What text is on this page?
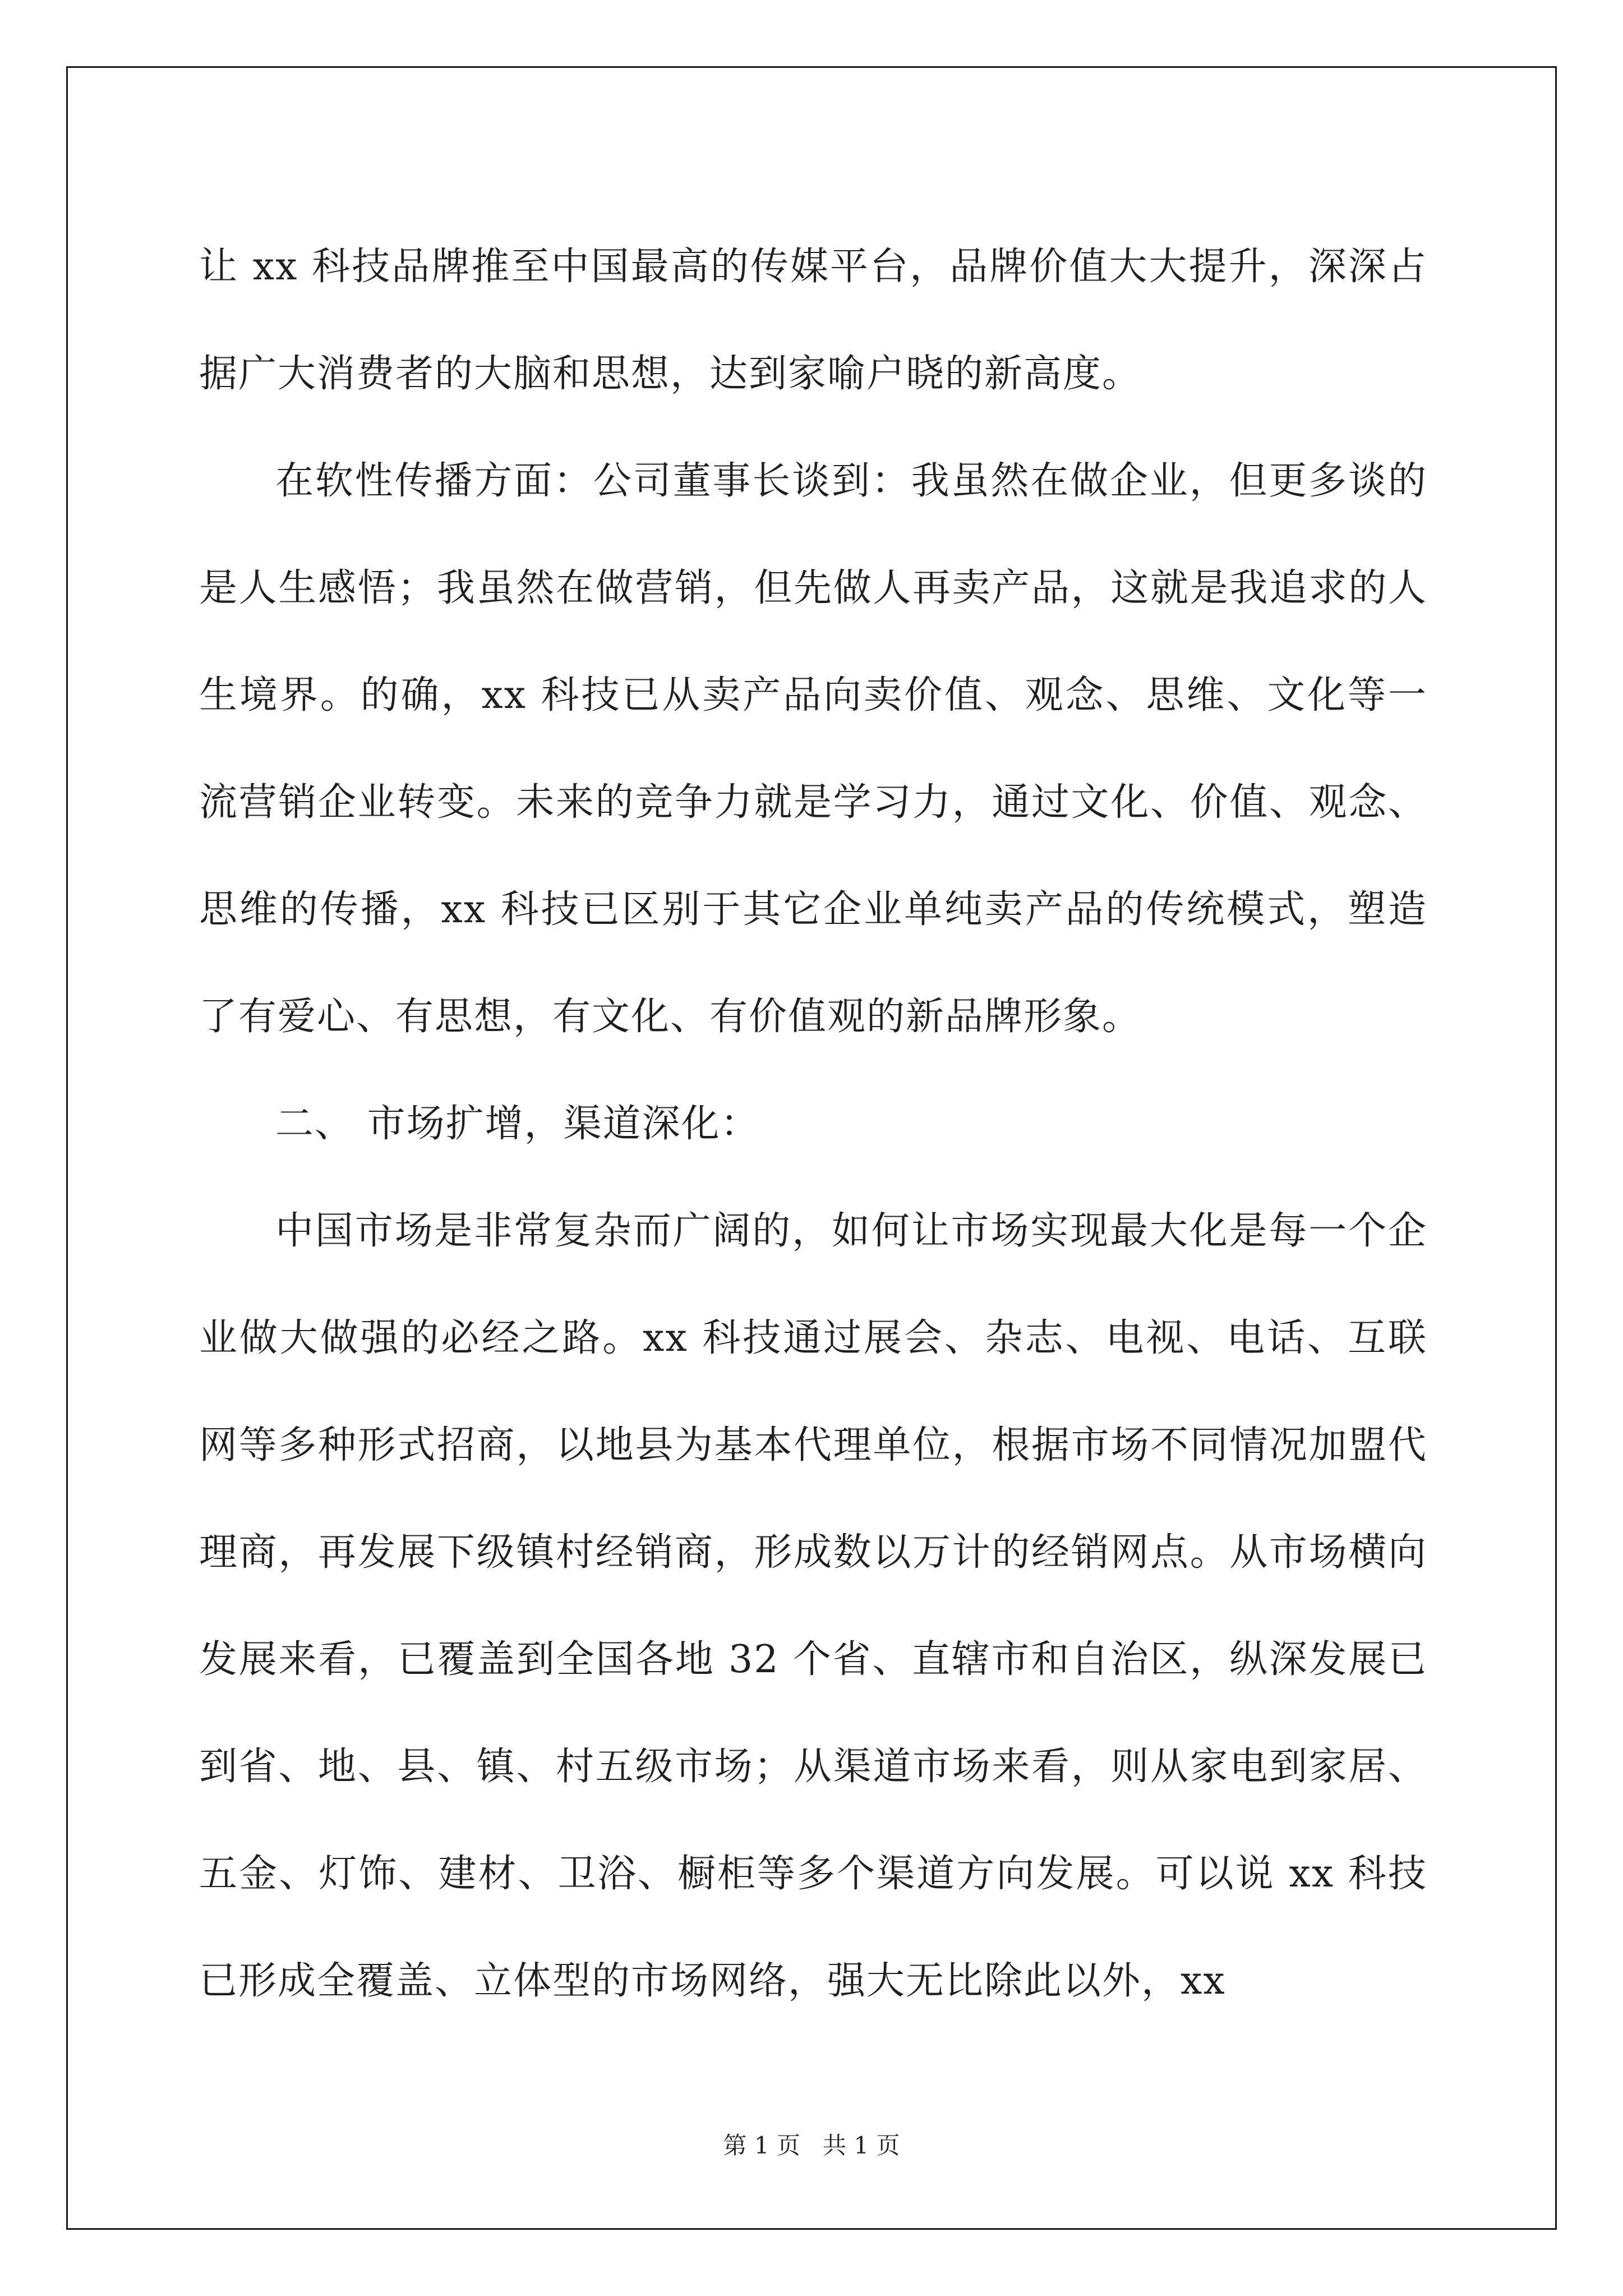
让 xx 科技品牌推至中国最高的传媒平台，品牌价值大大提升，深深占据广大消费者的大脑和思想，达到家喻户晓的新高度。

在软性传播方面：公司董事长谈到：我虽然在做企业，但更多谈的是人生感悟；我虽然在做营销，但先做人再卖产品，这就是我追求的人生境界。的确，xx 科技已从卖产品向卖价值、观念、思维、文化等一流营销企业转变。未来的竞争力就是学习力，通过文化、价值、观念、思维的传播，xx 科技已区别于其它企业单纯卖产品的传统模式，塑造了有爱心、有思想，有文化、有价值观的新品牌形象。

二、 市场扩增，渠道深化：

中国市场是非常复杂而广阔的，如何让市场实现最大化是每一个企业做大做强的必经之路。xx 科技通过展会、杂志、电视、电话、互联网等多种形式招商，以地县为基本代理单位，根据市场不同情况加盟代理商，再发展下级镇村经销商，形成数以万计的经销网点。从市场横向发展来看，已覆盖到全国各地 32 个省、直辖市和自治区，纵深发展已到省、地、县、镇、村五级市场；从渠道市场来看，则从家电到家居、五金、灯饰、建材、卫浴、橱柜等多个渠道方向发展。可以说 xx 科技已形成全覆盖、立体型的市场网络，强大无比除此以外，xx

第 1 页   共 1 页
